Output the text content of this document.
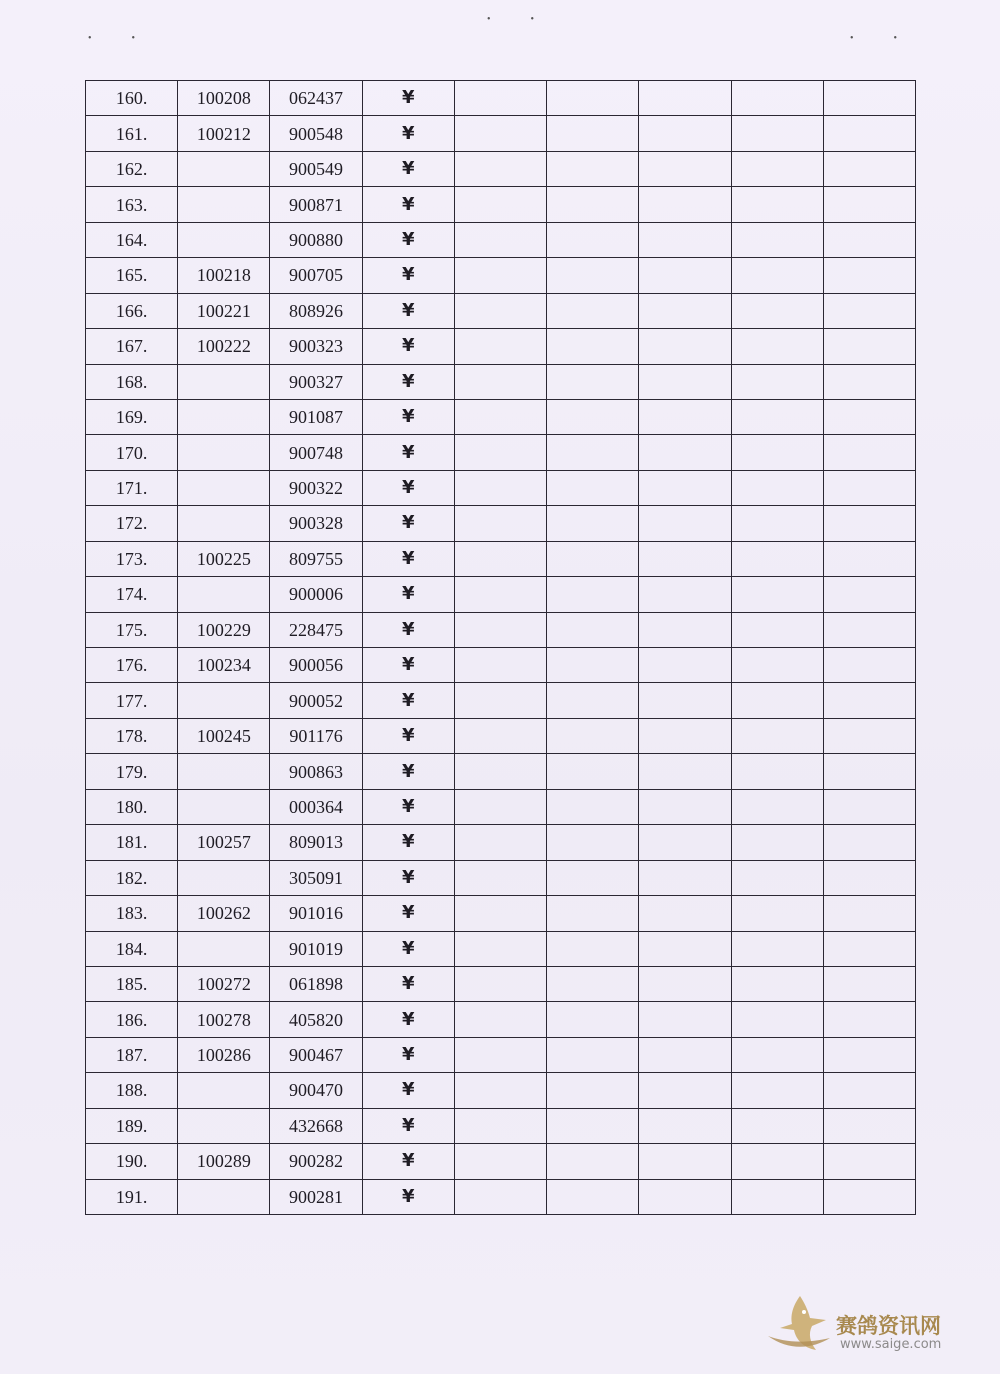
••	••
••
160.	100208	062437	¥					
161.	100212	900548	¥					
162.		900549	¥					
163.		900871	¥					
164.		900880	¥					
165.	100218	900705	¥					
166.	100221	808926	¥					
167.	100222	900323	¥					
168.		900327	¥					
169.		901087	¥					
170.		900748	¥					
171.		900322	¥					
172.		900328	¥					
173.	100225	809755	¥					
174.		900006	¥					
175.	100229	228475	¥					
176.	100234	900056	¥					
177.		900052	¥					
178.	100245	901176	¥					
179.		900863	¥					
180.		000364	¥					
181.	100257	809013	¥					
182.		305091	¥					
183.	100262	901016	¥					
184.		901019	¥					
185.	100272	061898	¥					
186.	100278	405820	¥					
187.	100286	900467	¥					
188.		900470	¥					
189.		432668	¥					
190.	100289	900282	¥					
191.		900281	¥					
赛鸽资讯网
www.saige.com
